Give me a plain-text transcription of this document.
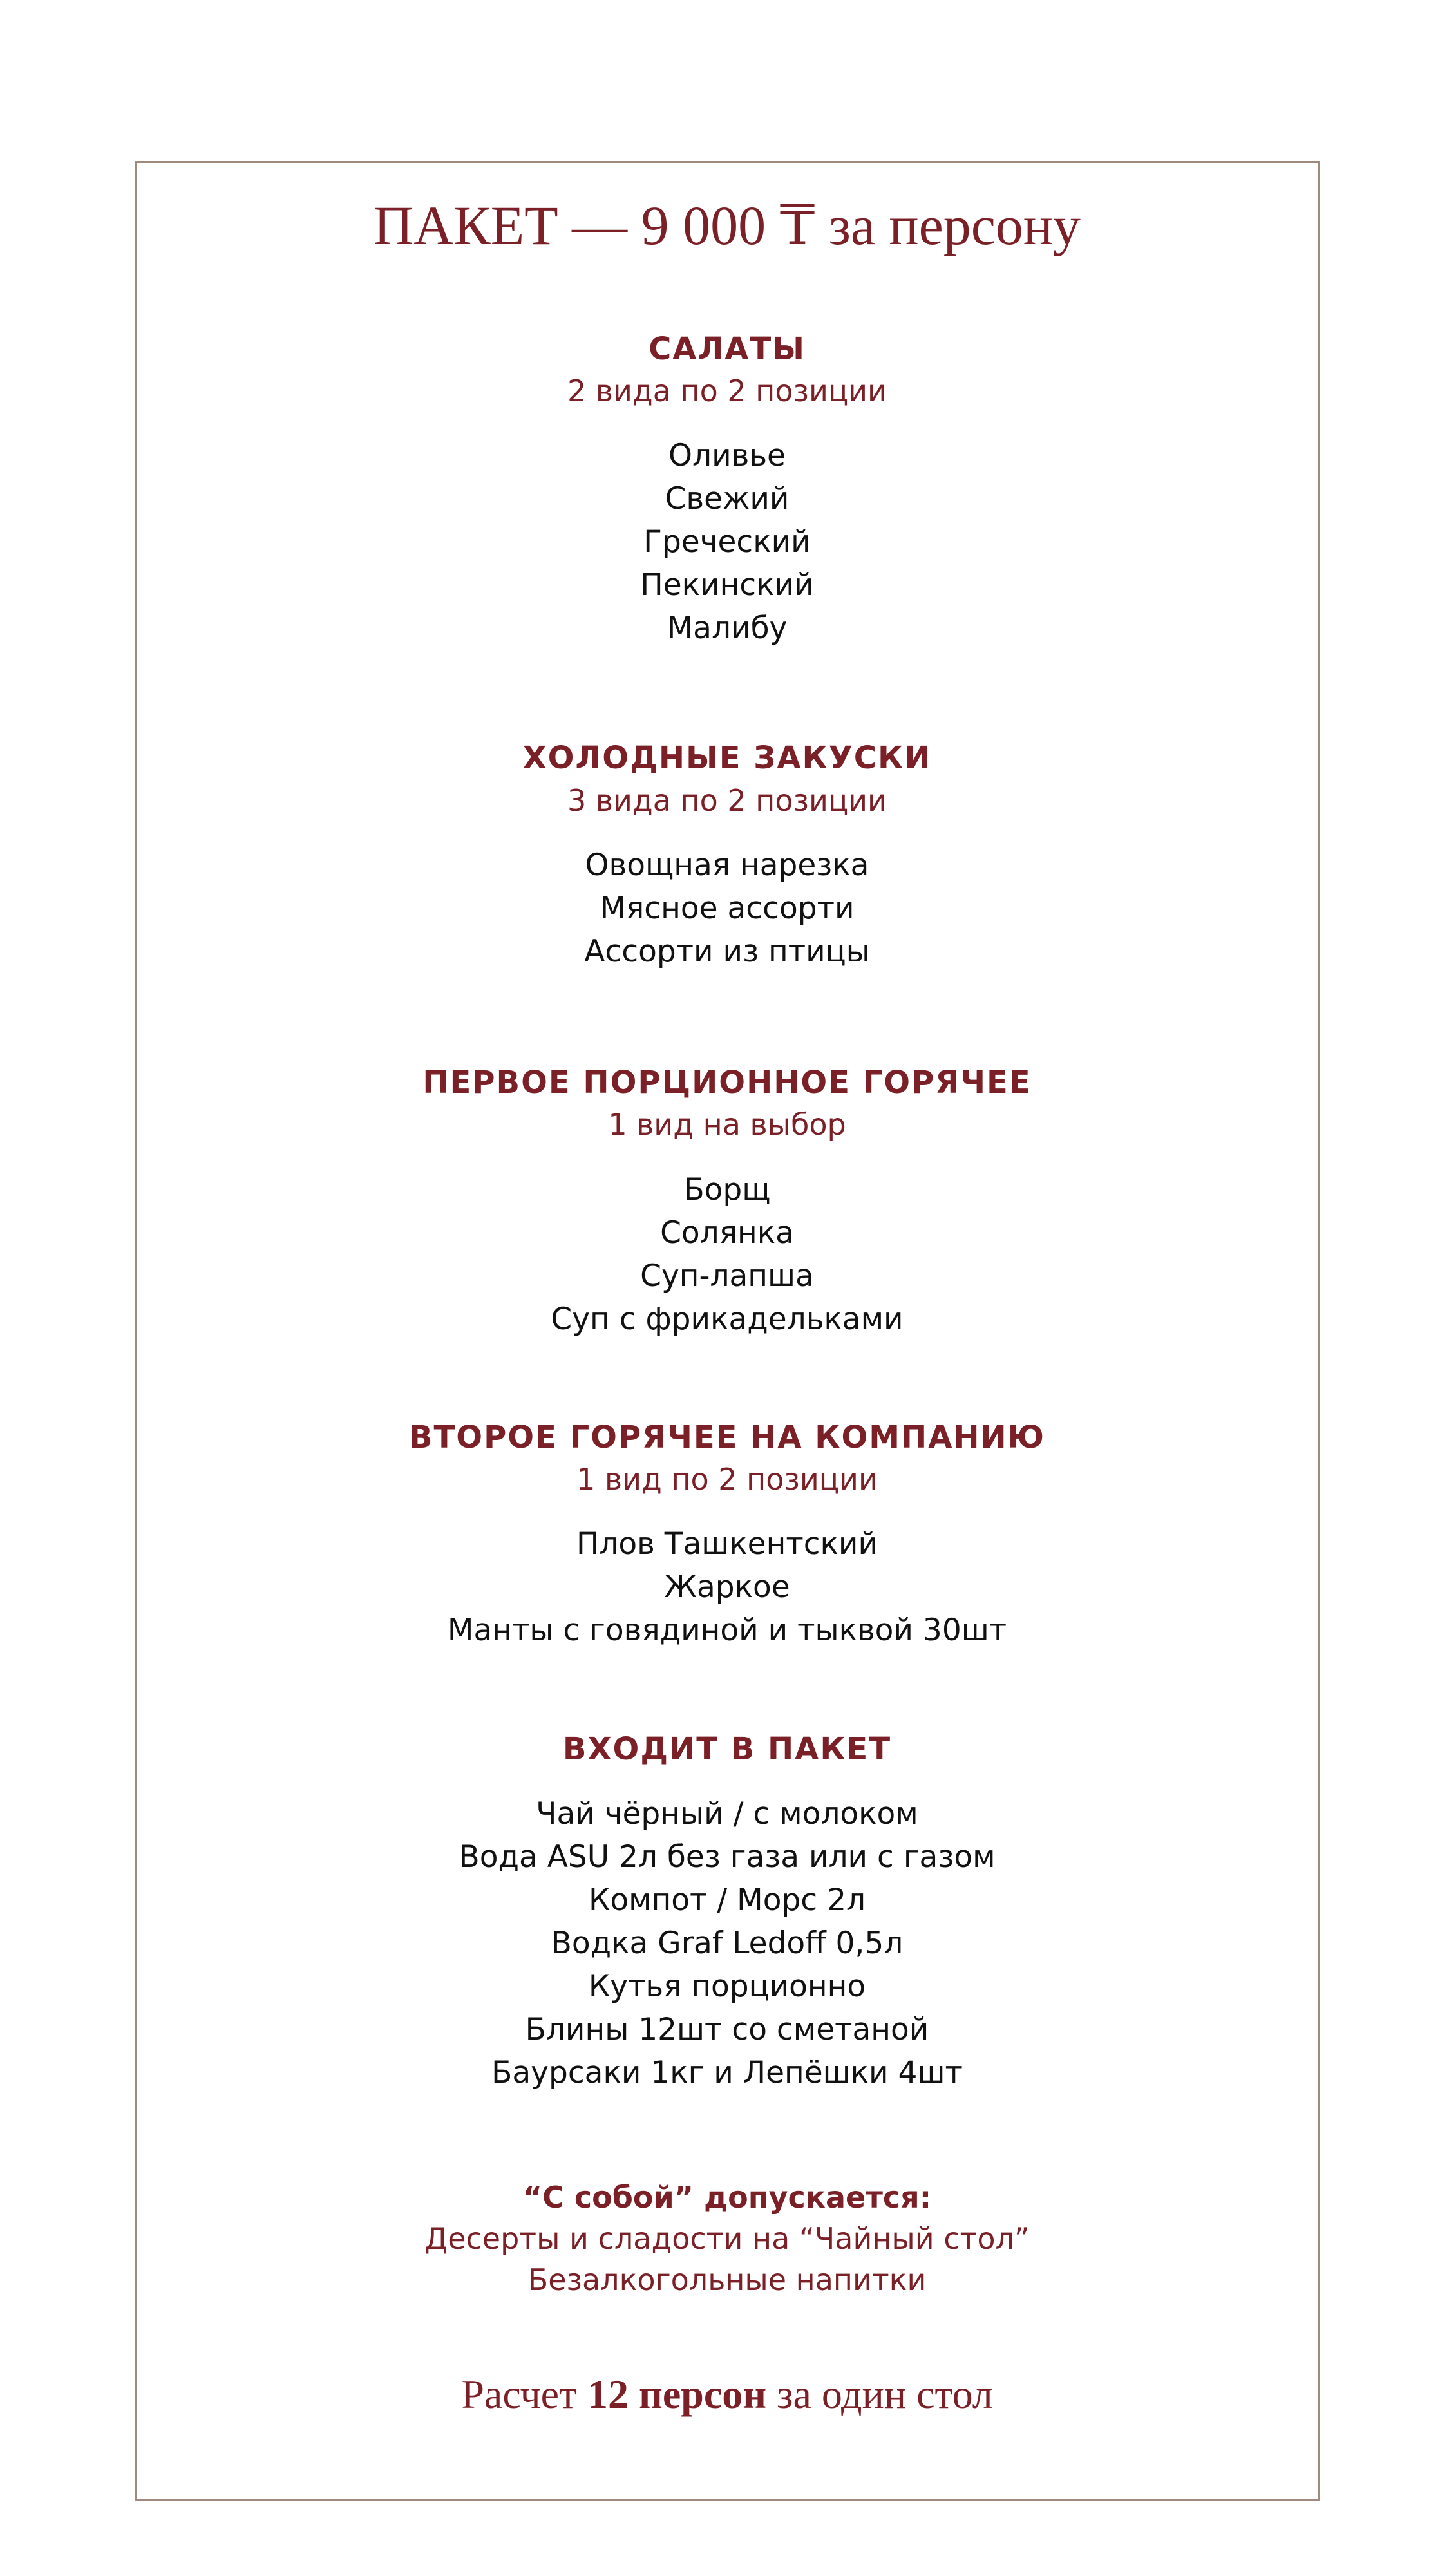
ПАКЕТ — 9 000 ₸ за персону
САЛАТЫ
2 вида по 2 позиции
Оливье
Свежий
Греческий
Пекинский
Малибу
ХОЛОДНЫЕ ЗАКУСКИ
3 вида по 2 позиции
Овощная нарезка
Мясное ассорти
Ассорти из птицы
ПЕРВОЕ ПОРЦИОННОЕ ГОРЯЧЕЕ
1 вид на выбор
Борщ
Солянка
Суп-лапша
Суп с фрикадельками
ВТОРОЕ ГОРЯЧЕЕ НА КОМПАНИЮ
1 вид по 2 позиции
Плов Ташкентский
Жаркое
Манты с говядиной и тыквой 30шт
ВХОДИТ В ПАКЕТ
Чай чёрный / с молоком
Вода ASU 2л без газа или с газом
Компот / Морс 2л
Водка Graf Ledoff 0,5л
Кутья порционно
Блины 12шт со сметаной
Баурсаки 1кг и Лепёшки 4шт
“С собой” допускается:
Десерты и сладости на “Чайный стол”
Безалкогольные напитки
Расчет 12 персон за один стол
